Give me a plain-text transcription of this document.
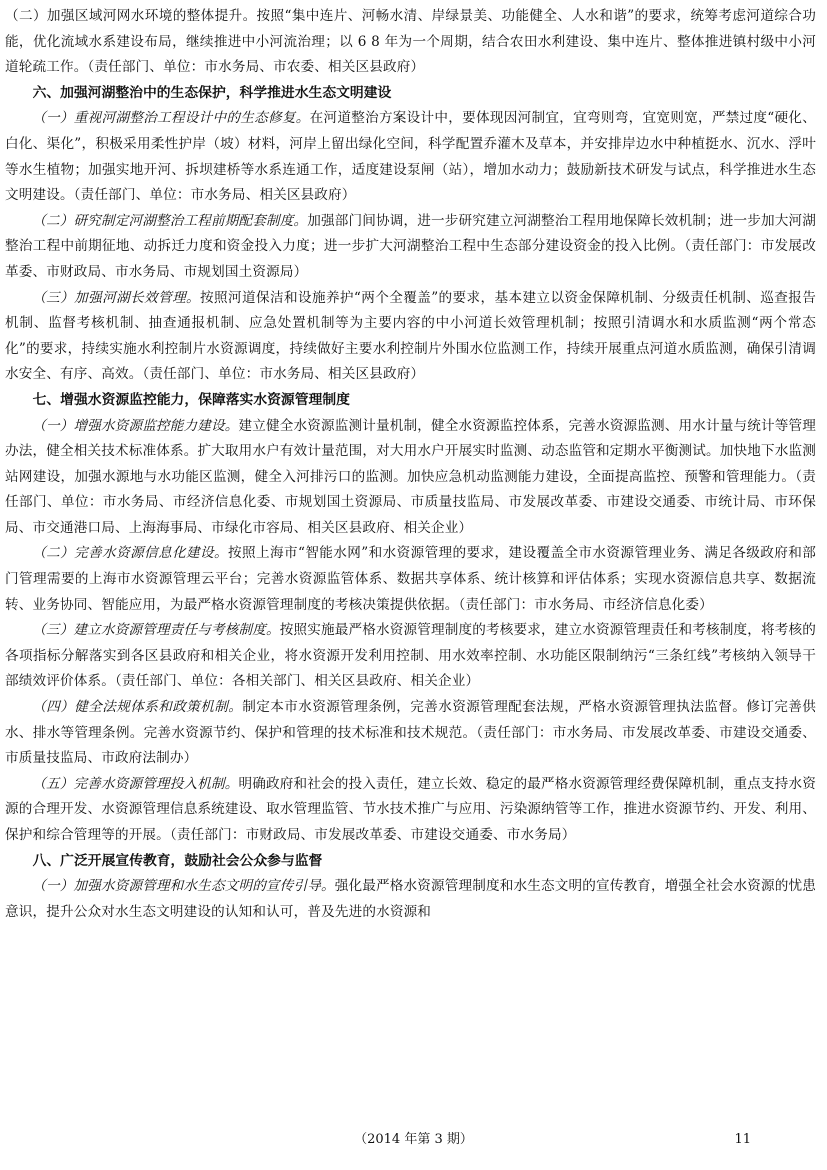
（二）加强区域河网水环境的整体提升。按照“集中连片、河畅水清、岸绿景美、功能健全、人水和谐”的要求，统筹考虑河道综合功能，优化流域水系建设布局，继续推进中小河流治理；以 6 8 年为一个周期，结合农田水利建设、集中连片、整体推进镇村级中小河道轮疏工作。（责任部门、单位：市水务局、市农委、相关区县政府）

六、加强河湖整治中的生态保护，科学推进水生态文明建设

（一）重视河湖整治工程设计中的生态修复。在河道整治方案设计中，要体现因河制宜，宜弯则弯，宜宽则宽，严禁过度“硬化、白化、渠化”，积极采用柔性护岸（坡）材料，河岸上留出绿化空间，科学配置乔灌木及草本，并安排岸边水中种植挺水、沉水、浮叶等水生植物；加强实地开河、拆坝建桥等水系连通工作，适度建设泵闸（站），增加水动力；鼓励新技术研发与试点，科学推进水生态文明建设。（责任部门、单位：市水务局、相关区县政府）

（二）研究制定河湖整治工程前期配套制度。加强部门间协调，进一步研究建立河湖整治工程用地保障长效机制；进一步加大河湖整治工程中前期征地、动拆迁力度和资金投入力度；进一步扩大河湖整治工程中生态部分建设资金的投入比例。（责任部门：市发展改革委、市财政局、市水务局、市规划国土资源局）

（三）加强河湖长效管理。按照河道保洁和设施养护“两个全覆盖”的要求，基本建立以资金保障机制、分级责任机制、巡查报告机制、监督考核机制、抽查通报机制、应急处置机制等为主要内容的中小河道长效管理机制；按照引清调水和水质监测“两个常态化”的要求，持续实施水利控制片水资源调度，持续做好主要水利控制片外围水位监测工作，持续开展重点河道水质监测，确保引清调水安全、有序、高效。（责任部门、单位：市水务局、相关区县政府）

七、增强水资源监控能力，保障落实水资源管理制度

（一）增强水资源监控能力建设。建立健全水资源监测计量机制，健全水资源监控体系，完善水资源监测、用水计量与统计等管理办法，健全相关技术标准体系。扩大取用水户有效计量范围，对大用水户开展实时监测、动态监管和定期水平衡测试。加快地下水监测站网建设，加强水源地与水功能区监测，健全入河排污口的监测。加快应急机动监测能力建设，全面提高监控、预警和管理能力。（责任部门、单位：市水务局、市经济信息化委、市规划国土资源局、市质量技监局、市发展改革委、市建设交通委、市统计局、市环保局、市交通港口局、上海海事局、市绿化市容局、相关区县政府、相关企业）

（二）完善水资源信息化建设。按照上海市“智能水网”和水资源管理的要求，建设覆盖全市水资源管理业务、满足各级政府和部门管理需要的上海市水资源管理云平台；完善水资源监管体系、数据共享体系、统计核算和评估体系；实现水资源信息共享、数据流转、业务协同、智能应用，为最严格水资源管理制度的考核决策提供依据。（责任部门：市水务局、市经济信息化委）

（三）建立水资源管理责任与考核制度。按照实施最严格水资源管理制度的考核要求，建立水资源管理责任和考核制度，将考核的各项指标分解落实到各区县政府和相关企业，将水资源开发利用控制、用水效率控制、水功能区限制纳污“三条红线”考核纳入领导干部绩效评价体系。（责任部门、单位：各相关部门、相关区县政府、相关企业）

（四）健全法规体系和政策机制。制定本市水资源管理条例，完善水资源管理配套法规，严格水资源管理执法监督。修订完善供水、排水等管理条例。完善水资源节约、保护和管理的技术标准和技术规范。（责任部门：市水务局、市发展改革委、市建设交通委、市质量技监局、市政府法制办）

（五）完善水资源管理投入机制。明确政府和社会的投入责任，建立长效、稳定的最严格水资源管理经费保障机制，重点支持水资源的合理开发、水资源管理信息系统建设、取水管理监管、节水技术推广与应用、污染源纳管等工作，推进水资源节约、开发、利用、保护和综合管理等的开展。（责任部门：市财政局、市发展改革委、市建设交通委、市水务局）

八、广泛开展宣传教育，鼓励社会公众参与监督

（一）加强水资源管理和水生态文明的宣传引导。强化最严格水资源管理制度和水生态文明的宣传教育，增强全社会水资源的忧患意识，提升公众对水生态文明建设的认知和认可，普及先进的水资源和

（2014 年第 3 期）	11
